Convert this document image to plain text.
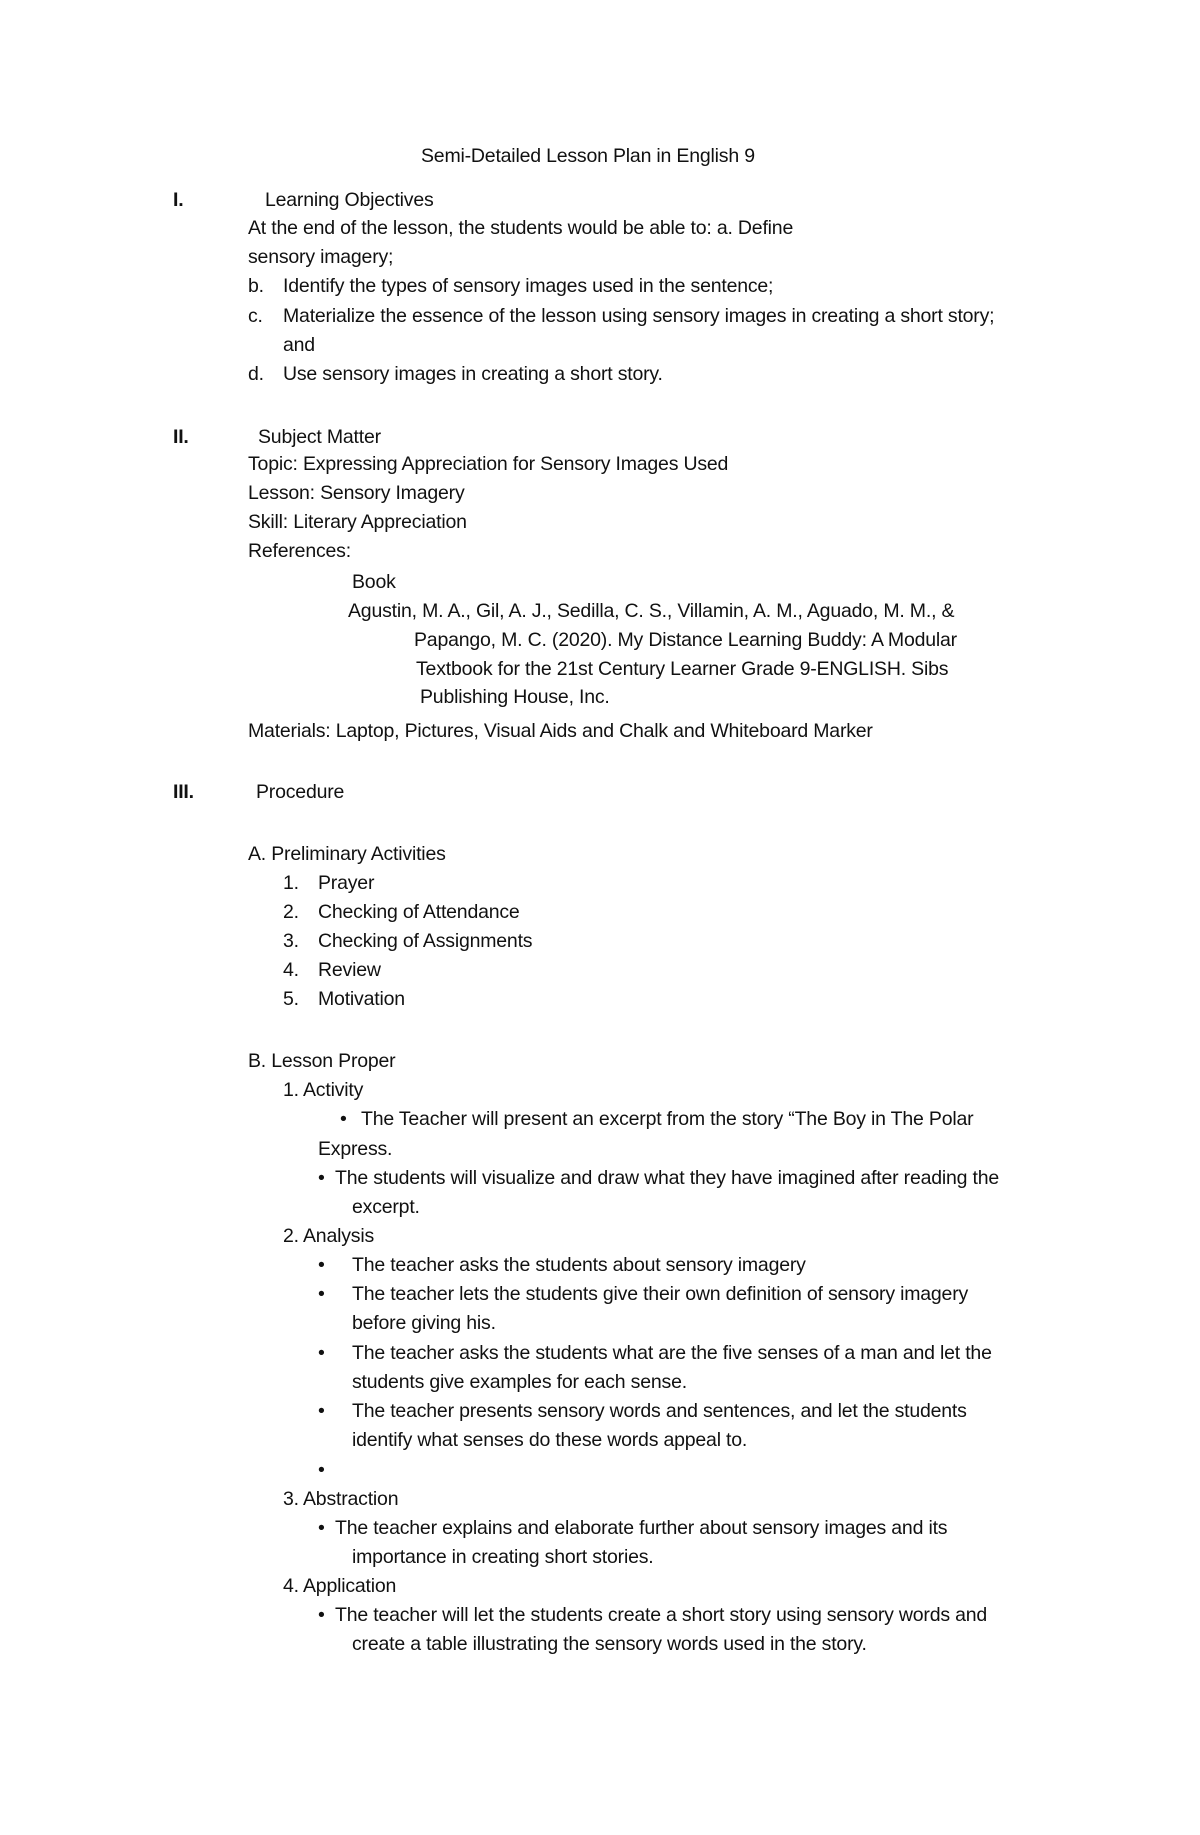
Semi-Detailed Lesson Plan in English 9
I.	Learning Objectives
At the end of the lesson, the students would be able to: a. Define
sensory imagery;
b. Identify the types of sensory images used in the sentence;
c. Materialize the essence of the lesson using sensory images in creating a short story;
and
d. Use sensory images in creating a short story.
II.	Subject Matter
Topic: Expressing Appreciation for Sensory Images Used
Lesson: Sensory Imagery
Skill: Literary Appreciation
References:
Book
Agustin, M. A., Gil, A. J., Sedilla, C. S., Villamin, A. M., Aguado, M. M., &
Papango, M. C. (2020). My Distance Learning Buddy: A Modular
Textbook for the 21st Century Learner Grade 9-ENGLISH. Sibs
Publishing House, Inc.
Materials: Laptop, Pictures, Visual Aids and Chalk and Whiteboard Marker
III.	Procedure
A. Preliminary Activities
1. Prayer
2. Checking of Attendance
3. Checking of Assignments
4. Review
5. Motivation
B. Lesson Proper
1. Activity
• The Teacher will present an excerpt from the story “The Boy in The Polar
Express.
• The students will visualize and draw what they have imagined after reading the
excerpt.
2. Analysis
• The teacher asks the students about sensory imagery
• The teacher lets the students give their own definition of sensory imagery
before giving his.
• The teacher asks the students what are the five senses of a man and let the
students give examples for each sense.
• The teacher presents sensory words and sentences, and let the students
identify what senses do these words appeal to.
•
3. Abstraction
• The teacher explains and elaborate further about sensory images and its
importance in creating short stories.
4. Application
• The teacher will let the students create a short story using sensory words and
create a table illustrating the sensory words used in the story.
